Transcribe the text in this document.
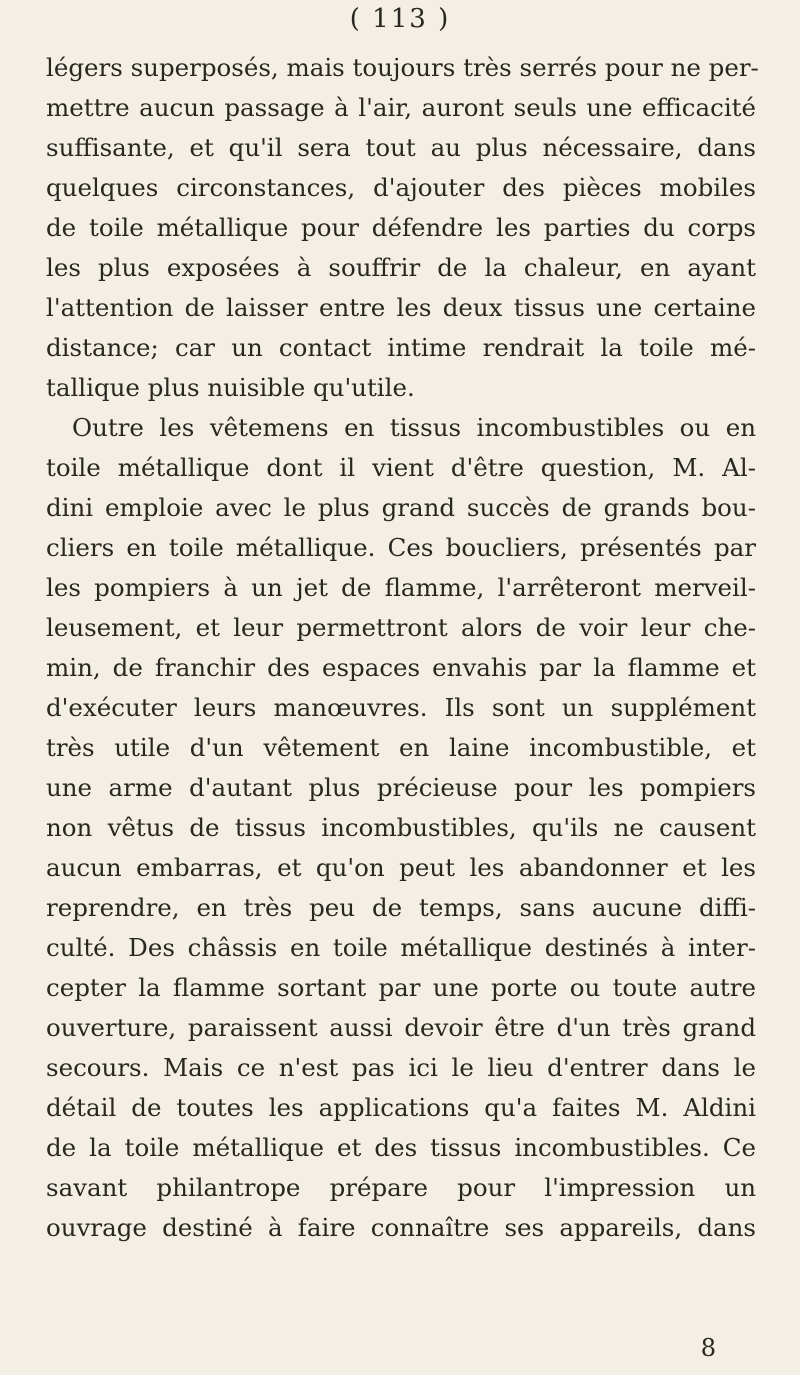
( 113 )
légers superposés, mais toujours très serrés pour ne per-
mettre aucun passage à l'air, auront seuls une efficacité
suffisante, et qu'il sera tout au plus nécessaire, dans
quelques circonstances, d'ajouter des pièces mobiles
de toile métallique pour défendre les parties du corps
les plus exposées à souffrir de la chaleur, en ayant
l'attention de laisser entre les deux tissus une certaine
distance; car un contact intime rendrait la toile mé-
tallique plus nuisible qu'utile.
Outre les vêtemens en tissus incombustibles ou en
toile métallique dont il vient d'être question, M. Al-
dini emploie avec le plus grand succès de grands bou-
cliers en toile métallique. Ces boucliers, présentés par
les pompiers à un jet de flamme, l'arrêteront merveil-
leusement, et leur permettront alors de voir leur che-
min, de franchir des espaces envahis par la flamme et
d'exécuter leurs manœuvres. Ils sont un supplément
très utile d'un vêtement en laine incombustible, et
une arme d'autant plus précieuse pour les pompiers
non vêtus de tissus incombustibles, qu'ils ne causent
aucun embarras, et qu'on peut les abandonner et les
reprendre, en très peu de temps, sans aucune diffi-
culté. Des châssis en toile métallique destinés à inter-
cepter la flamme sortant par une porte ou toute autre
ouverture, paraissent aussi devoir être d'un très grand
secours. Mais ce n'est pas ici le lieu d'entrer dans le
détail de toutes les applications qu'a faites M. Aldini
de la toile métallique et des tissus incombustibles. Ce
savant philantrope prépare pour l'impression un
ouvrage destiné à faire connaître ses appareils, dans
8
